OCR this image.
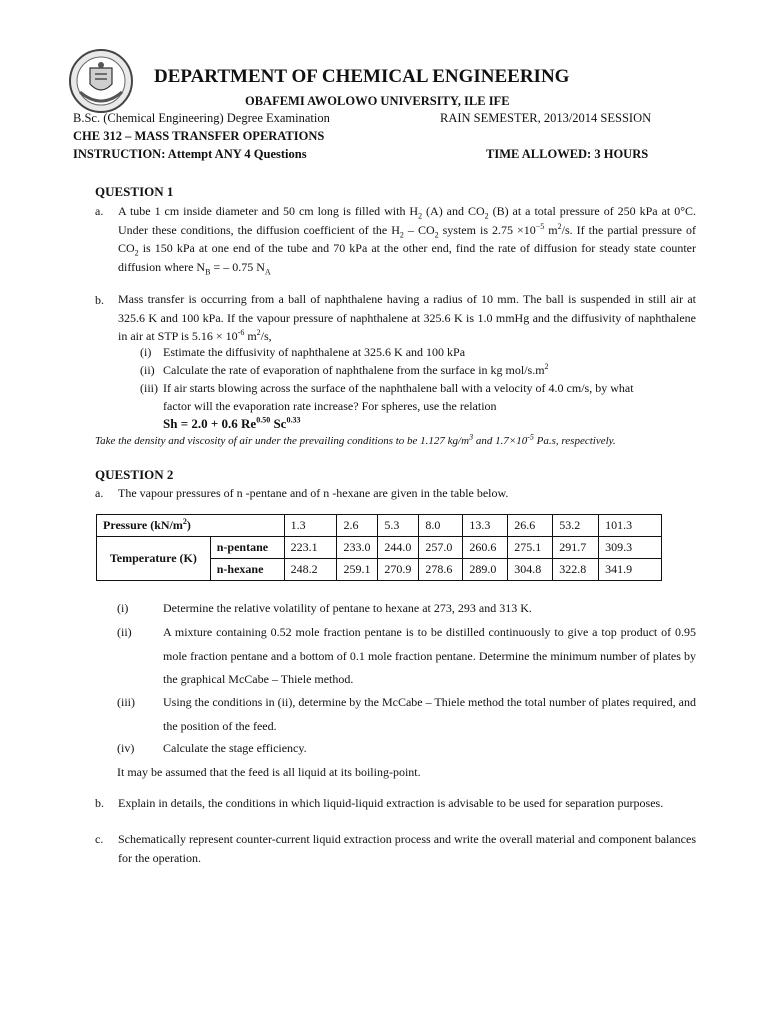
DEPARTMENT OF CHEMICAL ENGINEERING
OBAFEMI AWOLOWO UNIVERSITY, ILE IFE
B.Sc. (Chemical Engineering) Degree Examination	RAIN SEMESTER, 2013/2014 SESSION
CHE 312 – MASS TRANSFER OPERATIONS
INSTRUCTION: Attempt ANY 4 Questions	TIME ALLOWED: 3 HOURS
QUESTION 1
a. A tube 1 cm inside diameter and 50 cm long is filled with $H_2$ (A) and $CO_2$ (B) at a total pressure of 250 kPa at 0°C. Under these conditions, the diffusion coefficient of the $H_2 - CO_2$ system is $2.75 \times 10^{-5}$ $m^2/s$. If the partial pressure of $CO_2$ is 150 kPa at one end of the tube and 70 kPa at the other end, find the rate of diffusion for steady state counter diffusion where $N_B$ = – 0.75 $N_A$
b. Mass transfer is occurring from a ball of naphthalene having a radius of 10 mm. The ball is suspended in still air at 325.6 K and 100 kPa. If the vapour pressure of naphthalene at 325.6 K is 1.0 mmHg and the diffusivity of naphthalene in air at STP is $5.16 \times 10^{-6}$ $m^2/s$,
(i) Estimate the diffusivity of naphthalene at 325.6 K and 100 kPa
(ii) Calculate the rate of evaporation of naphthalene from the surface in kg mol/$s.m^2$
(iii) If air starts blowing across the surface of the naphthalene ball with a velocity of 4.0 cm/s, by what
factor will the evaporation rate increase? For spheres, use the relation
Sh = 2.0 + 0.6 $Re^{0.50}$ $Sc^{0.33}$
Take the density and viscosity of air under the prevailing conditions to be 1.127 $kg/m^3$ and $1.7\times 10^{-5}$ Pa.s, respectively.
QUESTION 2
a. The vapour pressures of n -pentane and of n -hexane are given in the table below.
Pressure $(kN/m^2)$		1.3	2.6	5.3	8.0	13.3	26.6	53.2	101.3
Temperature (K)	n-pentane	223.1	233.0	244.0	257.0	260.6	275.1	291.7	309.3
	n-hexane	248.2	259.1	270.9	278.6	289.0	304.8	322.8	341.9
(i)	Determine the relative volatility of pentane to hexane at 273, 293 and 313 K.
(ii)	A mixture containing 0.52 mole fraction pentane is to be distilled continuously to give a top product of 0.95 mole fraction pentane and a bottom of 0.1 mole fraction pentane. Determine the minimum number of plates by the graphical McCabe – Thiele method.
(iii) Using the conditions in (ii), determine by the McCabe – Thiele method the total number of plates required, and the position of the feed.
(iv) Calculate the stage efficiency.
It may be assumed that the feed is all liquid at its boiling-point.
b. Explain in details, the conditions in which liquid-liquid extraction is advisable to be used for separation purposes.
c. Schematically represent counter-current liquid extraction process and write the overall material and component balances for the operation.
